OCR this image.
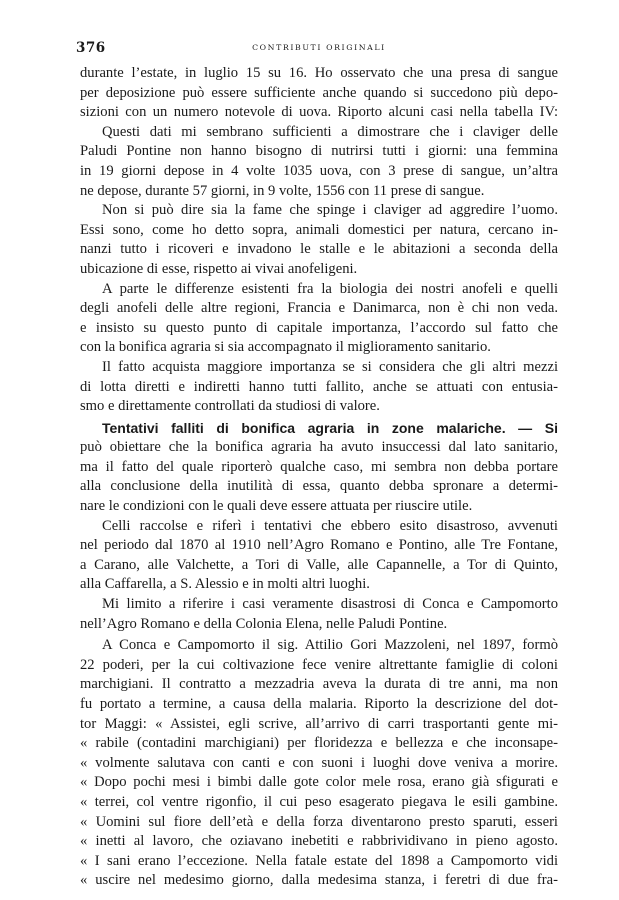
376	CONTRIBUTI ORIGINALI
durante l’estate, in luglio 15 su 16. Ho osservato che una presa di sangue
per deposizione può essere sufficiente anche quando si succedono più depo-
sizioni con un numero notevole di uova. Riporto alcuni casi nella tabella IV:
Questi dati mi sembrano sufficienti a dimostrare che i claviger delle
Paludi Pontine non hanno bisogno di nutrirsi tutti i giorni: una femmina
in 19 giorni depose in 4 volte 1035 uova, con 3 prese di sangue, un’altra
ne depose, durante 57 giorni, in 9 volte, 1556 con 11 prese di sangue.
Non si può dire sia la fame che spinge i claviger ad aggredire l’uomo.
Essi sono, come ho detto sopra, animali domestici per natura, cercano in-
nanzi tutto i ricoveri e invadono le stalle e le abitazioni a seconda della
ubicazione di esse, rispetto ai vivai anofeligeni.
A parte le differenze esistenti fra la biologia dei nostri anofeli e quelli
degli anofeli delle altre regioni, Francia e Danimarca, non è chi non veda.
e insisto su questo punto di capitale importanza, l’accordo sul fatto che
con la bonifica agraria si sia accompagnato il miglioramento sanitario.
Il fatto acquista maggiore importanza se si considera che gli altri mezzi
di lotta diretti e indiretti hanno tutti fallito, anche se attuati con entusia-
smo e direttamente controllati da studiosi di valore.
Tentativi falliti di bonifica agraria in zone malariche. — Si
può obiettare che la bonifica agraria ha avuto insuccessi dal lato sanitario,
ma il fatto del quale riporterò qualche caso, mi sembra non debba portare
alla conclusione della inutilità di essa, quanto debba spronare a determi-
nare le condizioni con le quali deve essere attuata per riuscire utile.
Celli raccolse e riferì i tentativi che ebbero esito disastroso, avvenuti
nel periodo dal 1870 al 1910 nell’Agro Romano e Pontino, alle Tre Fontane,
a Carano, alle Valchette, a Tori di Valle, alle Capannelle, a Tor di Quinto,
alla Caffarella, a S. Alessio e in molti altri luoghi.
Mi limito a riferire i casi veramente disastrosi di Conca e Campomorto
nell’Agro Romano e della Colonia Elena, nelle Paludi Pontine.
A Conca e Campomorto il sig. Attilio Gori Mazzoleni, nel 1897, formò
22 poderi, per la cui coltivazione fece venire altrettante famiglie di coloni
marchigiani. Il contratto a mezzadria aveva la durata di tre anni, ma non
fu portato a termine, a causa della malaria. Riporto la descrizione del dot-
tor Maggi: « Assistei, egli scrive, all’arrivo di carri trasportanti gente mi-
« rabile (contadini marchigiani) per floridezza e bellezza e che inconsape-
« volmente salutava con canti e con suoni i luoghi dove veniva a morire.
« Dopo pochi mesi i bimbi dalle gote color mele rosa, erano già sfigurati e
« terrei, col ventre rigonfio, il cui peso esagerato piegava le esili gambine.
« Uomini sul fiore dell’età e della forza diventarono presto sparuti, esseri
« inetti al lavoro, che oziavano inebetiti e rabbrividivano in pieno agosto.
« I sani erano l’eccezione. Nella fatale estate del 1898 a Campomorto vidi
« uscire nel medesimo giorno, dalla medesima stanza, i feretri di due fra-
